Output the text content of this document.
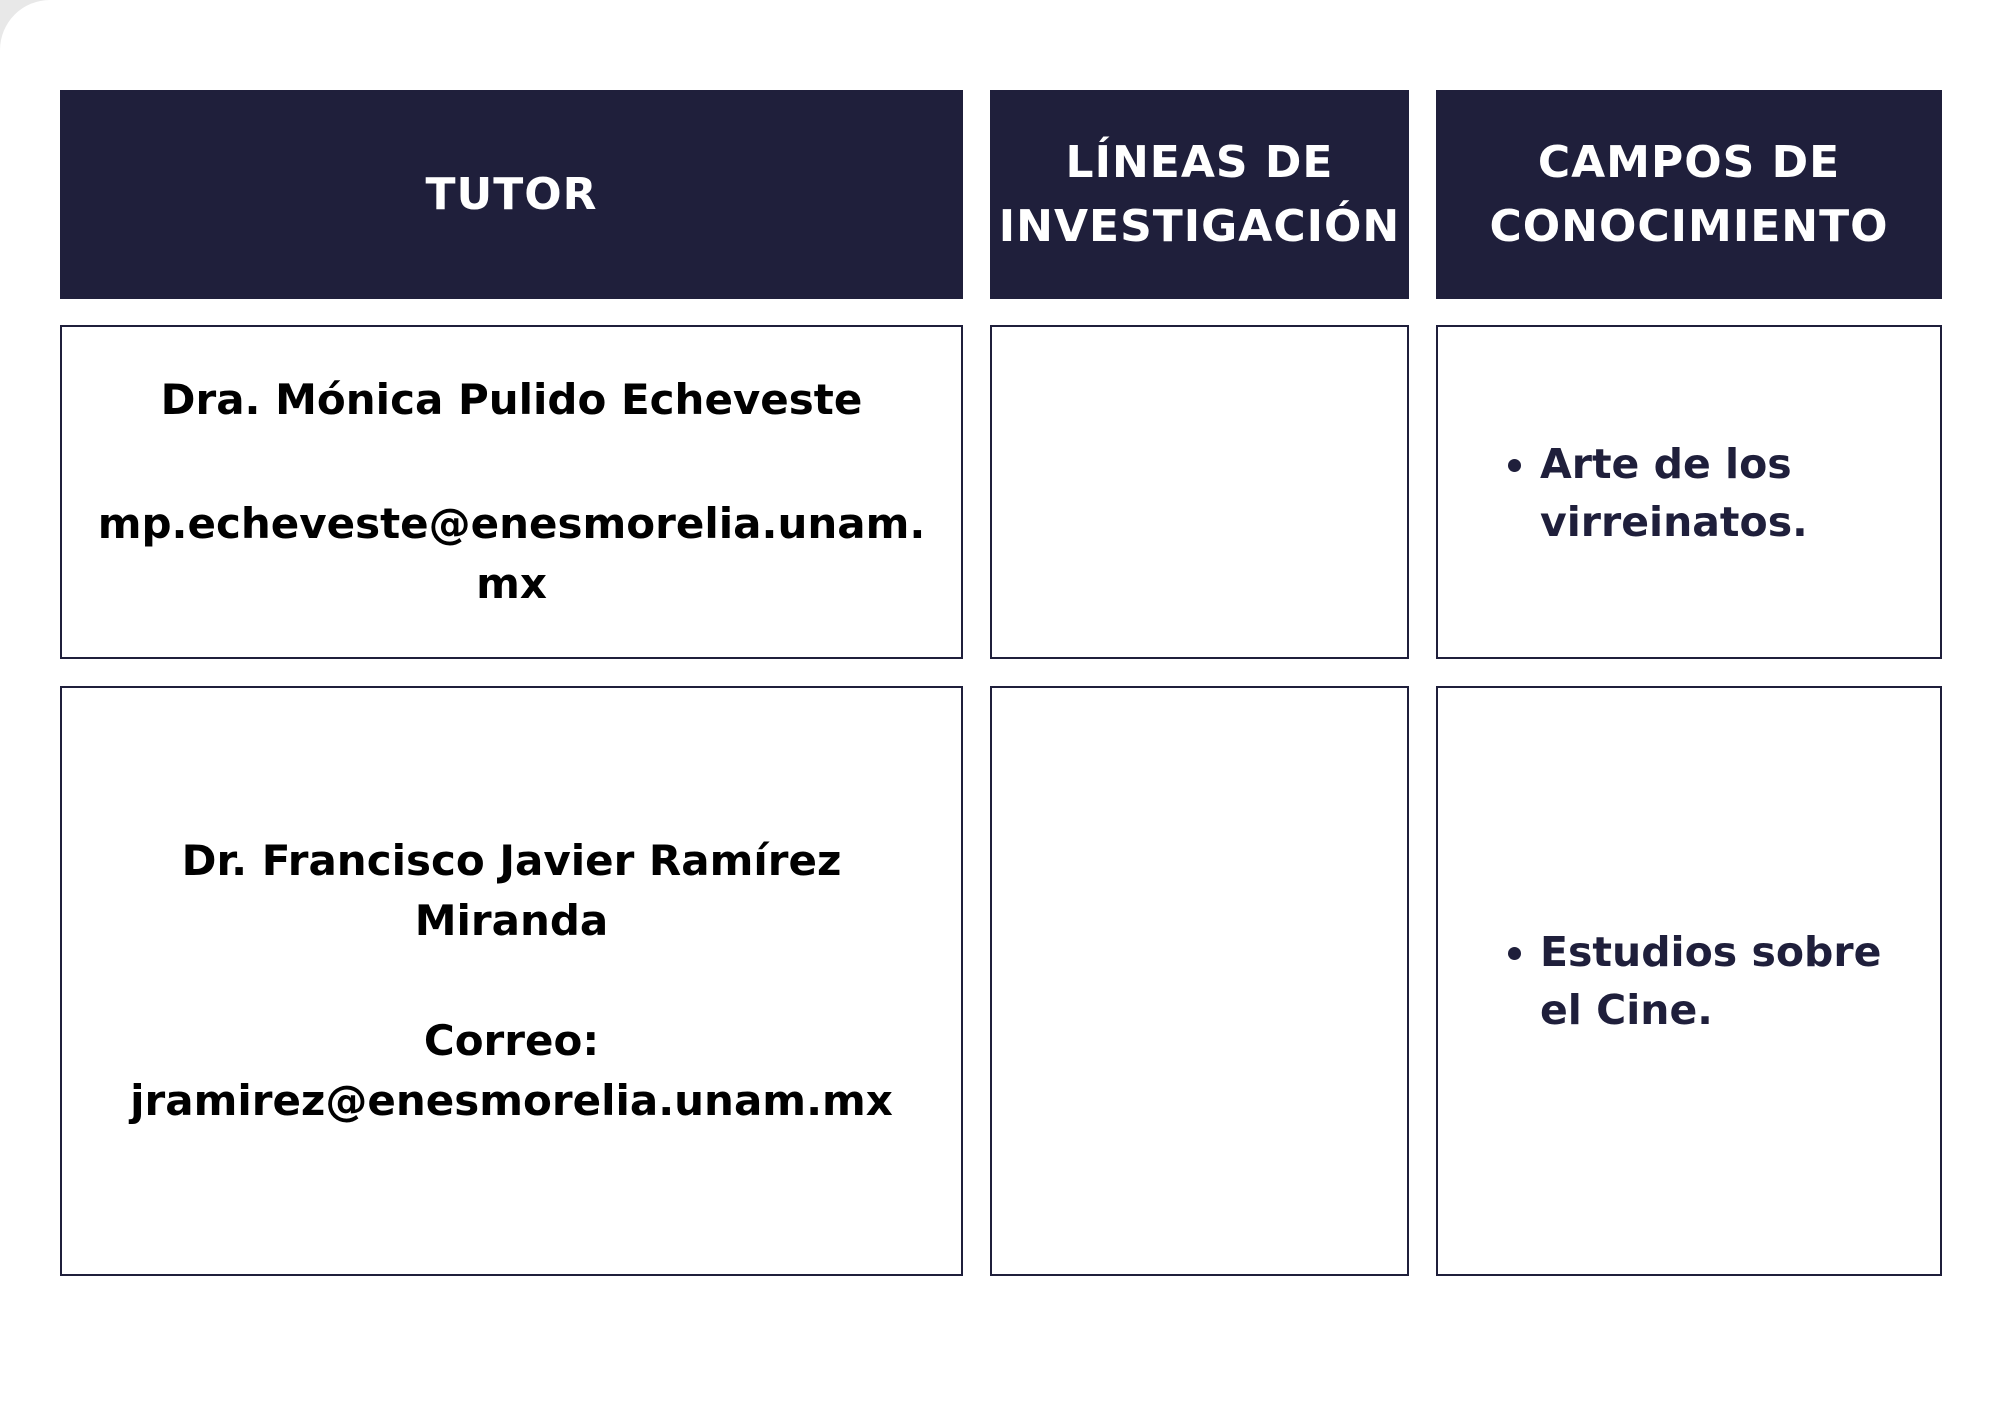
TUTOR
LÍNEAS DE INVESTIGACIÓN
CAMPOS DE CONOCIMIENTO

Dra. Mónica Pulido Echeveste

mp.echeveste@enesmorelia.unam.mx

• Arte de los virreinatos.

Dr. Francisco Javier Ramírez Miranda

Correo:

jramirez@enesmorelia.unam.mx

• Estudios sobre el Cine.
